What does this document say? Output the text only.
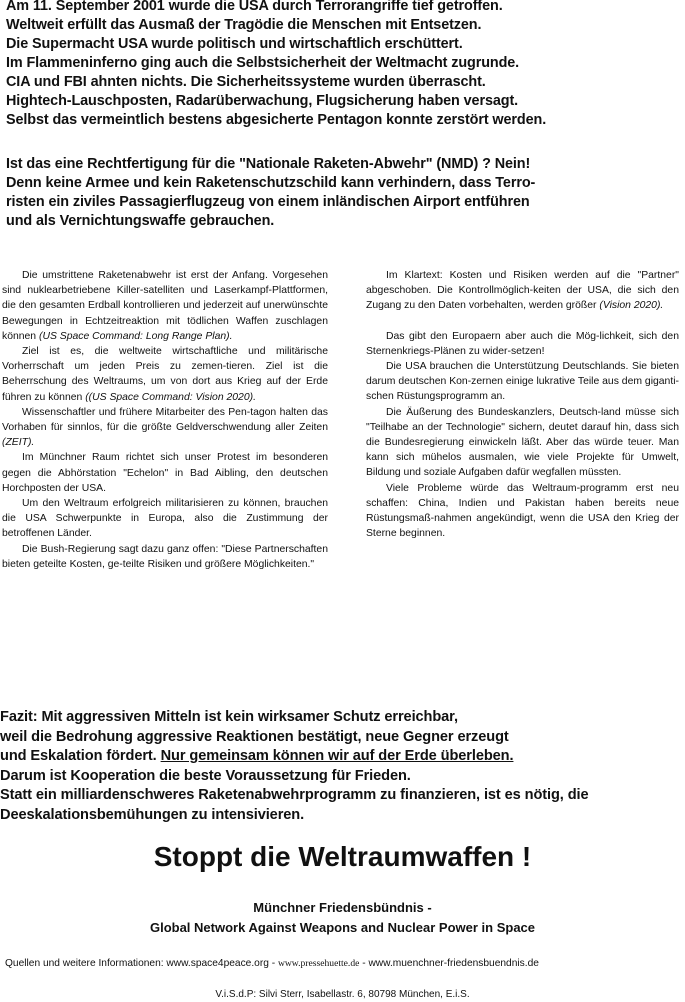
Am 11. September 2001 wurde die USA durch Terrorangriffe tief getroffen.

Weltweit erfüllt das Ausmaß der Tragödie die Menschen mit Entsetzen.

Die Supermacht USA wurde politisch und wirtschaftlich erschüttert.

Im Flammeninferno ging auch die Selbstsicherheit der Weltmacht zugrunde.

CIA und FBI ahnten nichts. Die Sicherheitssysteme wurden überrascht.

Hightech-Lauschposten, Radarüberwachung, Flugsicherung haben versagt.

Selbst das vermeintlich bestens abgesicherte Pentagon konnte zerstört werden.

Ist das eine Rechtfertigung für die "Nationale Raketen-Abwehr" (NMD) ? Nein!

Denn keine Armee und kein Raketenschutzschild kann verhindern, dass Terro-

risten ein ziviles Passagierflugzeug von einem inländischen Airport entführen

und als Vernichtungswaffe gebrauchen.

Die umstrittene Raketenabwehr ist erst der Anfang. Vorgesehen sind nuklearbetriebene Killer-satelliten und Laserkampf-Plattformen, die den gesamten Erdball kontrollieren und jederzeit auf unerwünschte Bewegungen in Echtzeitreaktion mit tödlichen Waffen zuschlagen können (US Space Command: Long Range Plan).

Ziel ist es, die weltweite wirtschaftliche und militärische Vorherrschaft um jeden Preis zu zemen-tieren. Ziel ist die Beherrschung des Weltraums, um von dort aus Krieg auf der Erde führen zu können ((US Space Command: Vision 2020).

Wissenschaftler und frühere Mitarbeiter des Pen-tagon halten das Vorhaben für sinnlos, für die größte Geldverschwendung aller Zeiten (ZEIT).

Im Münchner Raum richtet sich unser Protest im besonderen gegen die Abhörstation "Echelon" in Bad Aibling, den deutschen Horchposten der USA.

Um den Weltraum erfolgreich militarisieren zu können, brauchen die USA Schwerpunkte in Europa, also die Zustimmung der betroffenen Länder.

Die Bush-Regierung sagt dazu ganz offen: "Diese Partnerschaften bieten geteilte Kosten, ge-teilte Risiken und größere Möglichkeiten."

Im Klartext: Kosten und Risiken werden auf die "Partner" abgeschoben. Die Kontrollmöglich-keiten der USA, die sich den Zugang zu den Daten vorbehalten, werden größer (Vision 2020).

Das gibt den Europaern aber auch die Mög-lichkeit, sich den Sternenkriegs-Plänen zu wider-setzen!

Die USA brauchen die Unterstützung Deutschlands. Sie bieten darum deutschen Kon-zernen einige lukrative Teile aus dem giganti-schen Rüstungsprogramm an.

Die Äußerung des Bundeskanzlers, Deutsch-land müsse sich "Teilhabe an der Technologie" sichern, deutet darauf hin, dass sich die Bundesregierung einwickeln läßt. Aber das würde teuer. Man kann sich mühelos ausmalen, wie viele Projekte für Umwelt, Bildung und soziale Aufgaben dafür wegfallen müssten.

Viele Probleme würde das Weltraum-programm erst neu schaffen: China, Indien und Pakistan haben bereits neue Rüstungsmaß-nahmen angekündigt, wenn die USA den Krieg der Sterne beginnen.

Fazit: Mit aggressiven Mitteln ist kein wirksamer Schutz erreichbar,

weil die Bedrohung aggressive Reaktionen bestätigt, neue Gegner erzeugt

und Eskalation fördert. Nur gemeinsam können wir auf der Erde überleben.

Darum ist Kooperation die beste Voraussetzung für Frieden.

Statt ein milliardenschweres Raketenabwehrprogramm zu finanzieren, ist es nötig, die

Deeskalationsbemühungen zu intensivieren.

Stoppt die Weltraumwaffen !

Münchner Friedensbündnis -

Global Network Against Weapons and Nuclear Power in Space

Quellen und weitere Informationen: www.space4peace.org - www.pressehuette.de - www.muenchner-friedensbuendnis.de
V.i.S.d.P: Silvi Sterr, Isabellastr. 6, 80798 München, E.i.S.
